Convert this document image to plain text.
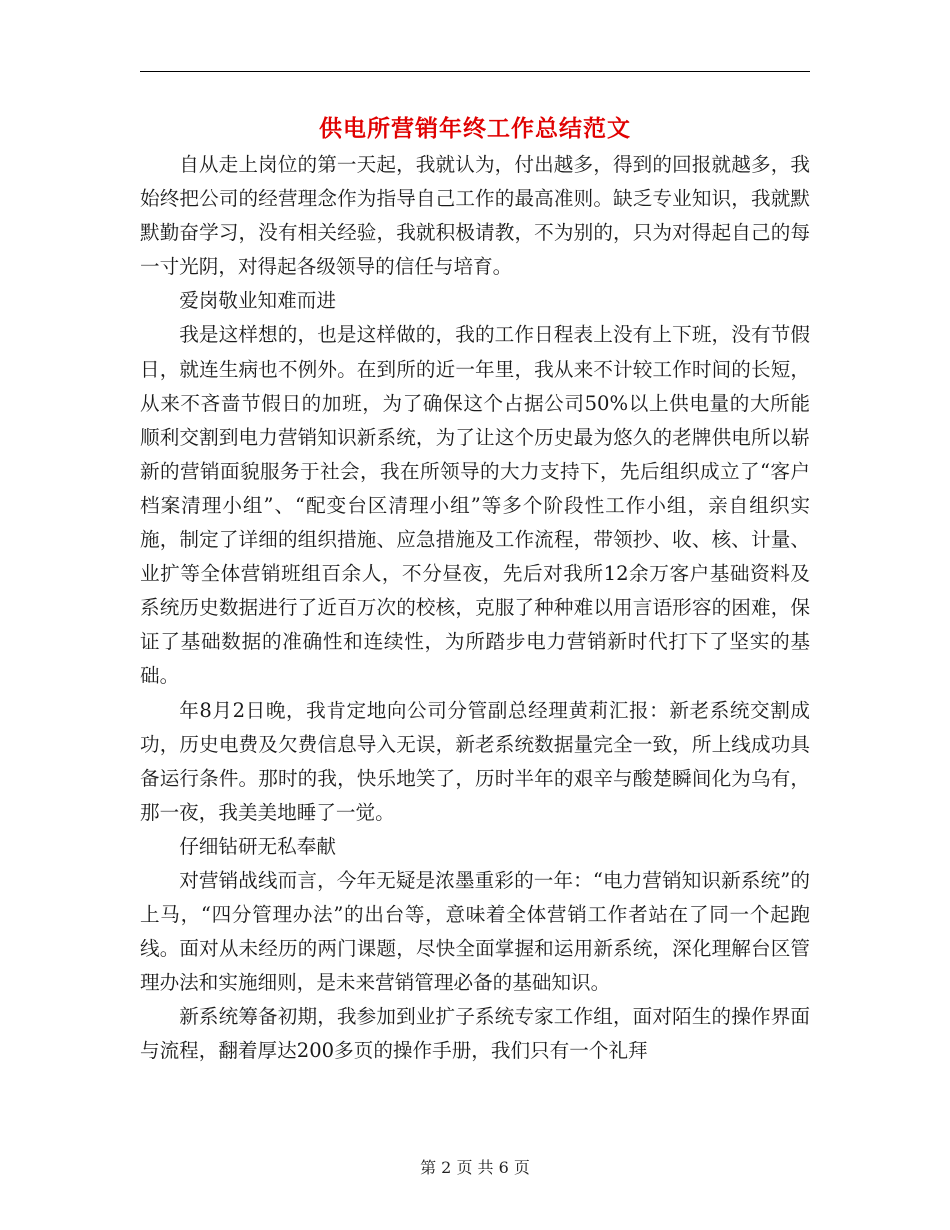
供电所营销年终工作总结范文

自从走上岗位的第一天起，我就认为，付出越多，得到的回报就越多，我始终把公司的经营理念作为指导自己工作的最高准则。缺乏专业知识，我就默默勤奋学习，没有相关经验，我就积极请教，不为别的，只为对得起自己的每一寸光阴，对得起各级领导的信任与培育。

爱岗敬业知难而进

我是这样想的，也是这样做的，我的工作日程表上没有上下班，没有节假日，就连生病也不例外。在到所的近一年里，我从来不计较工作时间的长短，从来不吝啬节假日的加班，为了确保这个占据公司50%以上供电量的大所能顺利交割到电力营销知识新系统，为了让这个历史最为悠久的老牌供电所以崭新的营销面貌服务于社会，我在所领导的大力支持下，先后组织成立了“客户档案清理小组”、“配变台区清理小组”等多个阶段性工作小组，亲自组织实施，制定了详细的组织措施、应急措施及工作流程，带领抄、收、核、计量、业扩等全体营销班组百余人，不分昼夜，先后对我所12余万客户基础资料及系统历史数据进行了近百万次的校核，克服了种种难以用言语形容的困难，保证了基础数据的准确性和连续性，为所踏步电力营销新时代打下了坚实的基础。

年8月2日晚，我肯定地向公司分管副总经理黄莉汇报：新老系统交割成功，历史电费及欠费信息导入无误，新老系统数据量完全一致，所上线成功具备运行条件。那时的我，快乐地笑了，历时半年的艰辛与酸楚瞬间化为乌有，那一夜，我美美地睡了一觉。

仔细钻研无私奉献

对营销战线而言，今年无疑是浓墨重彩的一年：“电力营销知识新系统”的上马，“四分管理办法”的出台等，意味着全体营销工作者站在了同一个起跑线。面对从未经历的两门课题，尽快全面掌握和运用新系统，深化理解台区管理办法和实施细则，是未来营销管理必备的基础知识。

新系统筹备初期，我参加到业扩子系统专家工作组，面对陌生的操作界面与流程，翻着厚达200多页的操作手册，我们只有一个礼拜

第 2 页 共 6 页
